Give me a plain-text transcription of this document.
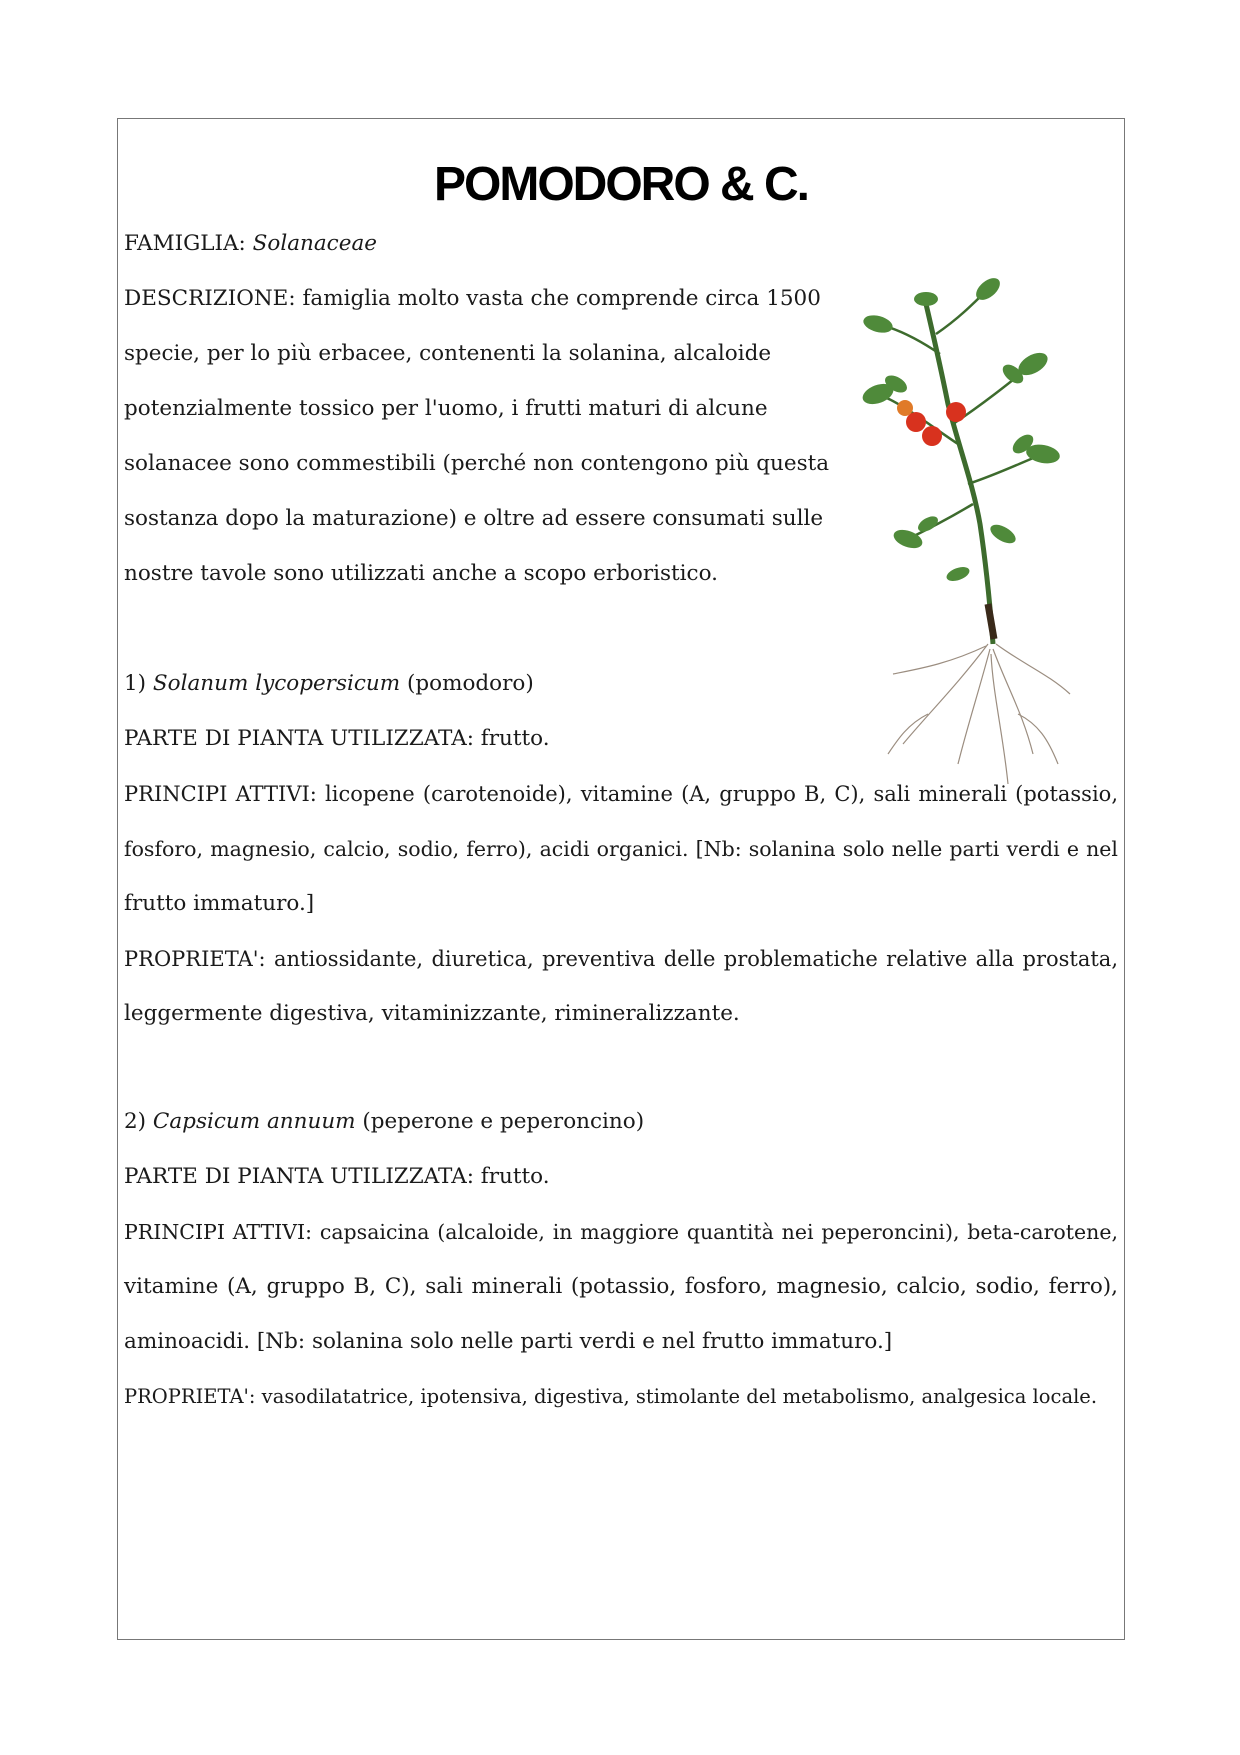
POMODORO & C.
FAMIGLIA: Solanaceae
DESCRIZIONE: famiglia molto vasta che comprende circa 1500
specie, per lo più erbacee, contenenti la solanina, alcaloide
potenzialmente tossico per l'uomo, i frutti maturi di alcune
solanacee sono commestibili (perché non contengono più questa
sostanza dopo la maturazione) e oltre ad essere consumati sulle
nostre tavole sono utilizzati anche a scopo erboristico.
1) Solanum lycopersicum (pomodoro)
PARTE DI PIANTA UTILIZZATA: frutto.
PRINCIPI ATTIVI: licopene (carotenoide), vitamine (A, gruppo B, C), sali minerali (potassio,
fosforo, magnesio, calcio, sodio, ferro), acidi organici. [Nb: solanina solo nelle parti verdi e nel
frutto immaturo.]
PROPRIETA': antiossidante, diuretica, preventiva delle problematiche relative alla prostata,
leggermente digestiva, vitaminizzante, rimineralizzante.
2) Capsicum annuum (peperone e peperoncino)
PARTE DI PIANTA UTILIZZATA: frutto.
PRINCIPI ATTIVI: capsaicina (alcaloide, in maggiore quantità nei peperoncini), beta-carotene,
vitamine (A, gruppo B, C), sali minerali (potassio, fosforo, magnesio, calcio, sodio, ferro),
aminoacidi. [Nb: solanina solo nelle parti verdi e nel frutto immaturo.]
PROPRIETA': vasodilatatrice, ipotensiva, digestiva, stimolante del metabolismo, analgesica locale.
